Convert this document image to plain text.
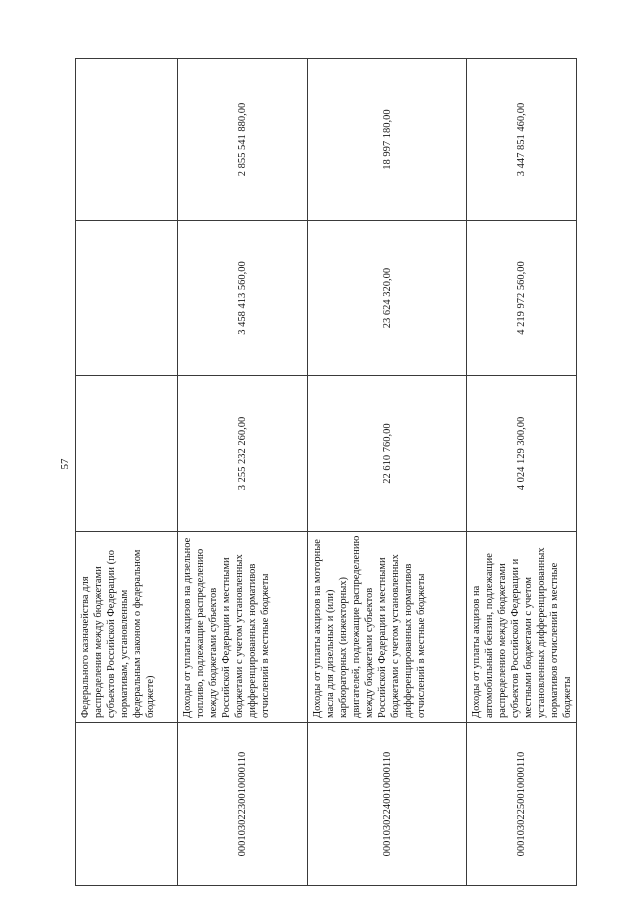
57
	Федерального казначейства для распределения между бюджетами субъектов Российской Федерации (по нормативам, установленным федеральным законом о федеральном бюджете)			
00010302230010000110	Доходы от уплаты акцизов на дизельное топливо, подлежащие распределению между бюджетами субъектов Российской Федерации и местными бюджетами с учетом установленных дифференцированных нормативов отчислений в местные бюджеты	3 255 232 260,00	3 458 413 560,00	2 855 541 880,00
00010302240010000110	Доходы от уплаты акцизов на моторные масла для дизельных и (или) карбюраторных (инжекторных) двигателей, подлежащие распределению между бюджетами субъектов Российской Федерации и местными бюджетами с учетом установленных дифференцированных нормативов отчислений в местные бюджеты	22 610 760,00	23 624 320,00	18 997 180,00
00010302250010000110	Доходы от уплаты акцизов на автомобильный бензин, подлежащие распределению между бюджетами субъектов Российской Федерации и местными бюджетами с учетом установленных дифференцированных нормативов отчислений в местные бюджеты	4 024 129 300,00	4 219 972 560,00	3 447 851 460,00
